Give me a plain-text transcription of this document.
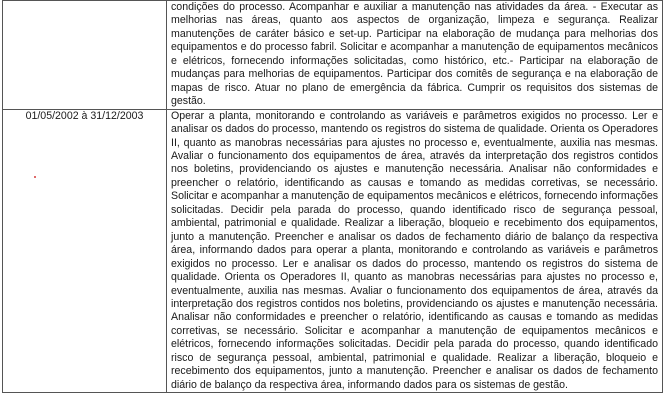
	condições do processo. Acompanhar e auxiliar a manutenção nas atividades da área. - Executar as melhorias nas áreas, quanto aos aspectos de organização, limpeza e segurança. Realizar manutenções de caráter básico e set-up. Participar na elaboração de mudança para melhorias dos equipamentos e do processo fabril. Solicitar e acompanhar a manutenção de equipamentos mecânicos e elétricos, fornecendo informações solicitadas, como histórico, etc.- Participar na elaboração de mudanças para melhorias de equipamentos. Participar dos comitês de segurança e na elaboração de mapas de risco. Atuar no plano de emergência da fábrica. Cumprir os requisitos dos sistemas de gestão.
01/05/2002 à 31/12/2003	Operar a planta, monitorando e controlando as variáveis e parâmetros exigidos no processo. Ler e analisar os dados do processo, mantendo os registros do sistema de qualidade. Orienta os Operadores II, quanto as manobras necessárias para ajustes no processo e, eventualmente, auxilia nas mesmas. Avaliar o funcionamento dos equipamentos de área, através da interpretação dos registros contidos nos boletins, providenciando os ajustes e manutenção necessária. Analisar não conformidades e preencher o relatório, identificando as causas e tomando as medidas corretivas, se necessário. Solicitar e acompanhar a manutenção de equipamentos mecânicos e elétricos, fornecendo informações solicitadas. Decidir pela parada do processo, quando identificado risco de segurança pessoal, ambiental, patrimonial e qualidade. Realizar a liberação, bloqueio e recebimento dos equipamentos, junto a manutenção. Preencher e analisar os dados de fechamento diário de balanço da respectiva área, informando dados para operar a planta, monitorando e controlando as variáveis e parâmetros exigidos no processo. Ler e analisar os dados do processo, mantendo os registros do sistema de qualidade. Orienta os Operadores II, quanto as manobras necessárias para ajustes no processo e, eventualmente, auxilia nas mesmas. Avaliar o funcionamento dos equipamentos de área, através da interpretação dos registros contidos nos boletins, providenciando os ajustes e manutenção necessária. Analisar não conformidades e preencher o relatório, identificando as causas e tomando as medidas corretivas, se necessário. Solicitar e acompanhar a manutenção de equipamentos mecânicos e elétricos, fornecendo informações solicitadas. Decidir pela parada do processo, quando identificado risco de segurança pessoal, ambiental, patrimonial e qualidade. Realizar a liberação, bloqueio e recebimento dos equipamentos, junto a manutenção. Preencher e analisar os dados de fechamento diário de balanço da respectiva área, informando dados para os sistemas de gestão.
